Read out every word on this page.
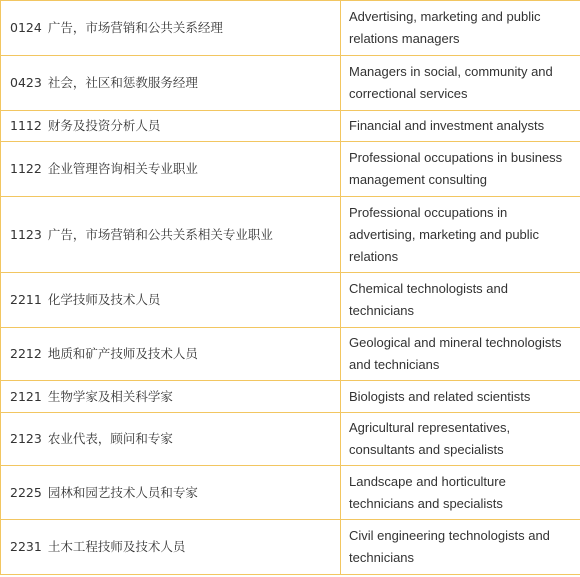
0124 广告，市场营销和公共关系经理	Advertising, marketing and public relations managers
0423 社会，社区和惩教服务经理	Managers in social, community and correctional services
1112 财务及投资分析人员	Financial and investment analysts
1122 企业管理咨询相关专业职业	Professional occupations in business management consulting
1123 广告，市场营销和公共关系相关专业职业	Professional occupations in advertising, marketing and public relations
2211 化学技师及技术人员	Chemical technologists and technicians
2212 地质和矿产技师及技术人员	Geological and mineral technologists and technicians
2121 生物学家及相关科学家	Biologists and related scientists
2123 农业代表，顾问和专家	Agricultural representatives, consultants and specialists
2225 园林和园艺技术人员和专家	Landscape and horticulture technicians and specialists
2231 土木工程技师及技术人员	Civil engineering technologists and technicians
